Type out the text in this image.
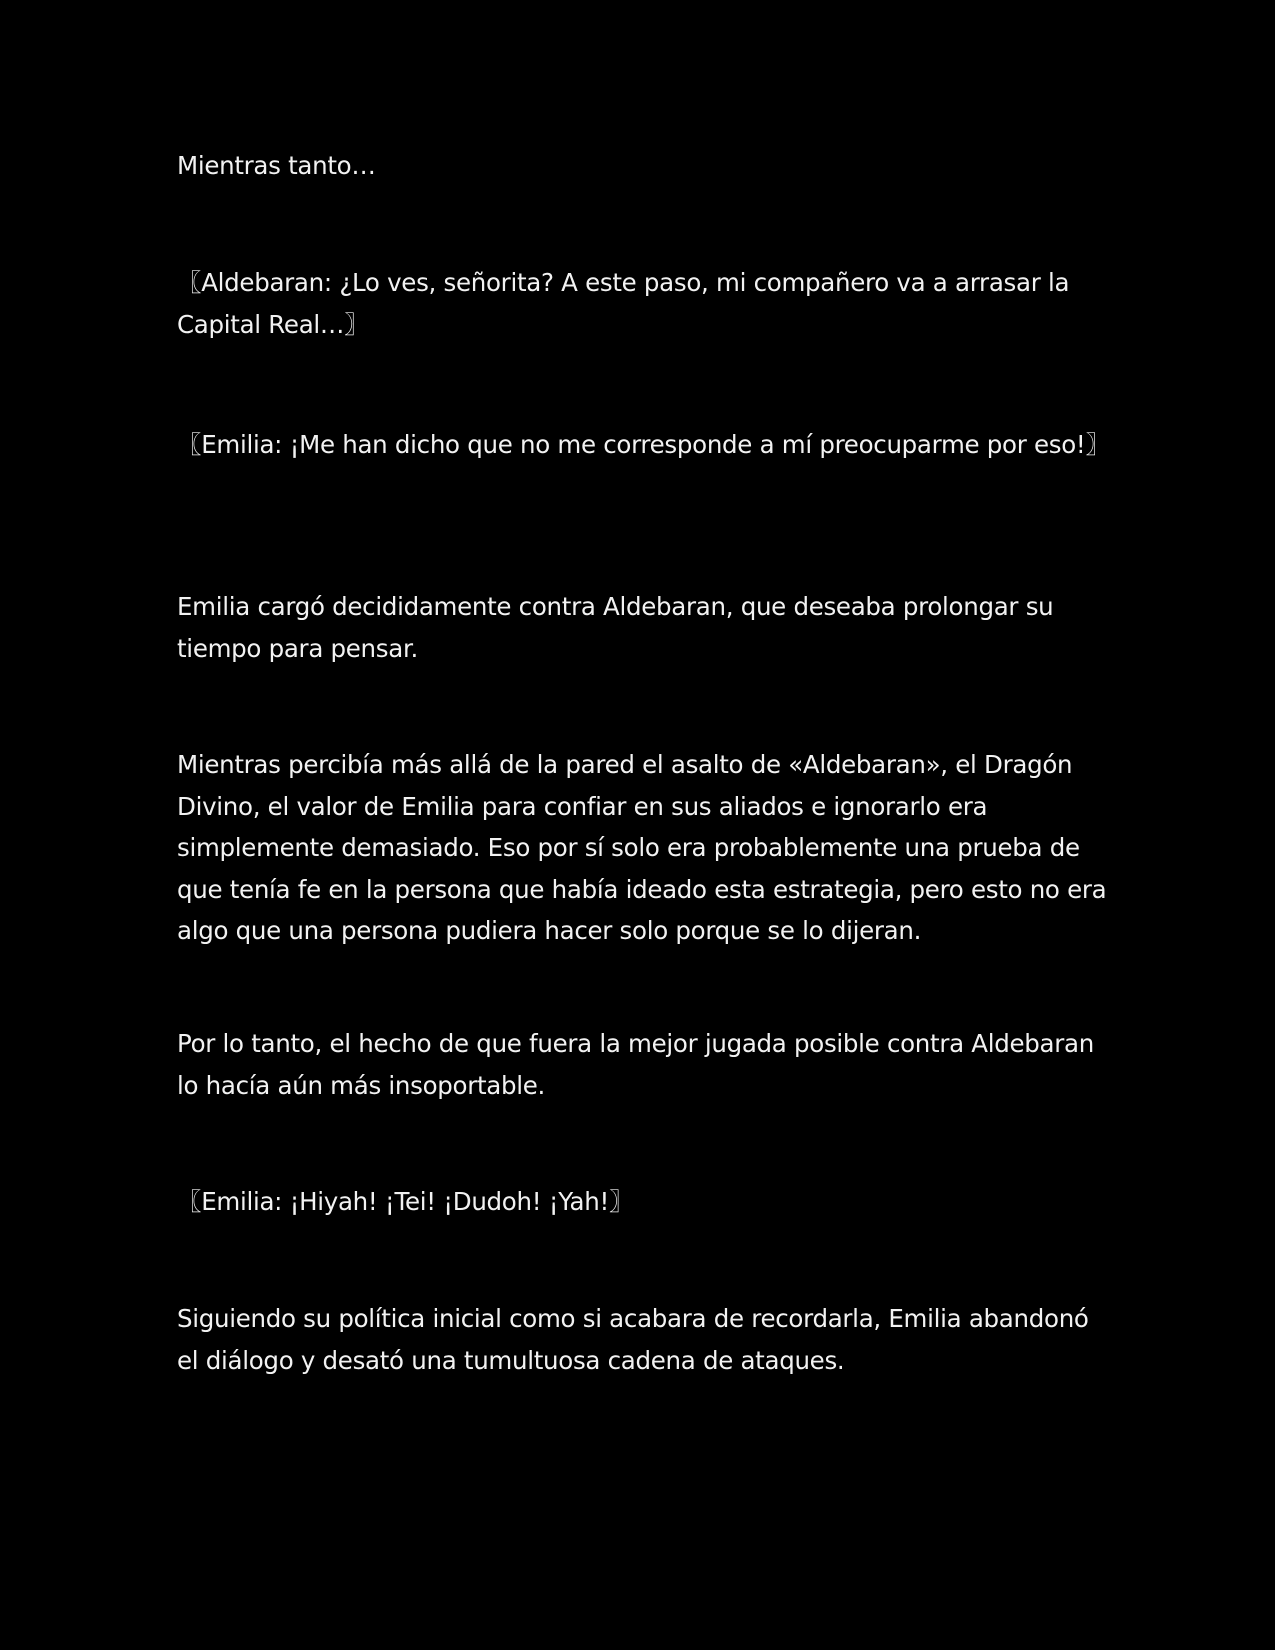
Mientras tanto…

〖Aldebaran: ¿Lo ves, señorita? A este paso, mi compañero va a arrasar la Capital Real…〗

〖Emilia: ¡Me han dicho que no me corresponde a mí preocuparme por eso!〗

Emilia cargó decididamente contra Aldebaran, que deseaba prolongar su tiempo para pensar.

Mientras percibía más allá de la pared el asalto de «Aldebaran», el Dragón Divino, el valor de Emilia para confiar en sus aliados e ignorarlo era simplemente demasiado. Eso por sí solo era probablemente una prueba de que tenía fe en la persona que había ideado esta estrategia, pero esto no era algo que una persona pudiera hacer solo porque se lo dijeran.

Por lo tanto, el hecho de que fuera la mejor jugada posible contra Aldebaran lo hacía aún más insoportable.

〖Emilia: ¡Hiyah! ¡Tei! ¡Dudoh! ¡Yah!〗

Siguiendo su política inicial como si acabara de recordarla, Emilia abandonó el diálogo y desató una tumultuosa cadena de ataques.
